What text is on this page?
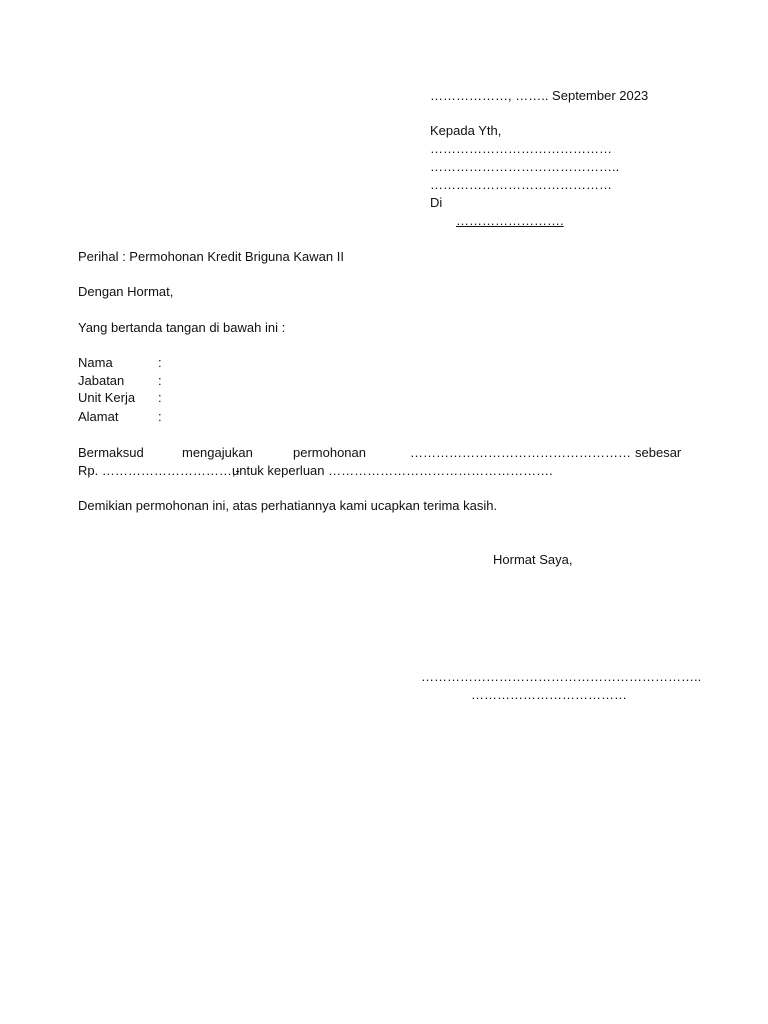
………………, …….. September 2023
Kepada Yth,
……………………………………
……………………………………..
……………………………………
Di
…………………….
Perihal : Permohonan Kredit Briguna Kawan II
Dengan Hormat,
Yang bertanda tangan di bawah ini :
Nama	:
Jabatan	:
Unit Kerja :
Alamat	:
Bermaksud	mengajukan	permohonan	…………………………………………… sebesar
Rp. …………………………,-
untuk keperluan …………………………………………….
Demikian permohonan ini, atas perhatiannya kami ucapkan terima kasih.
Hormat Saya,
………………………………………………………..
………………………………
